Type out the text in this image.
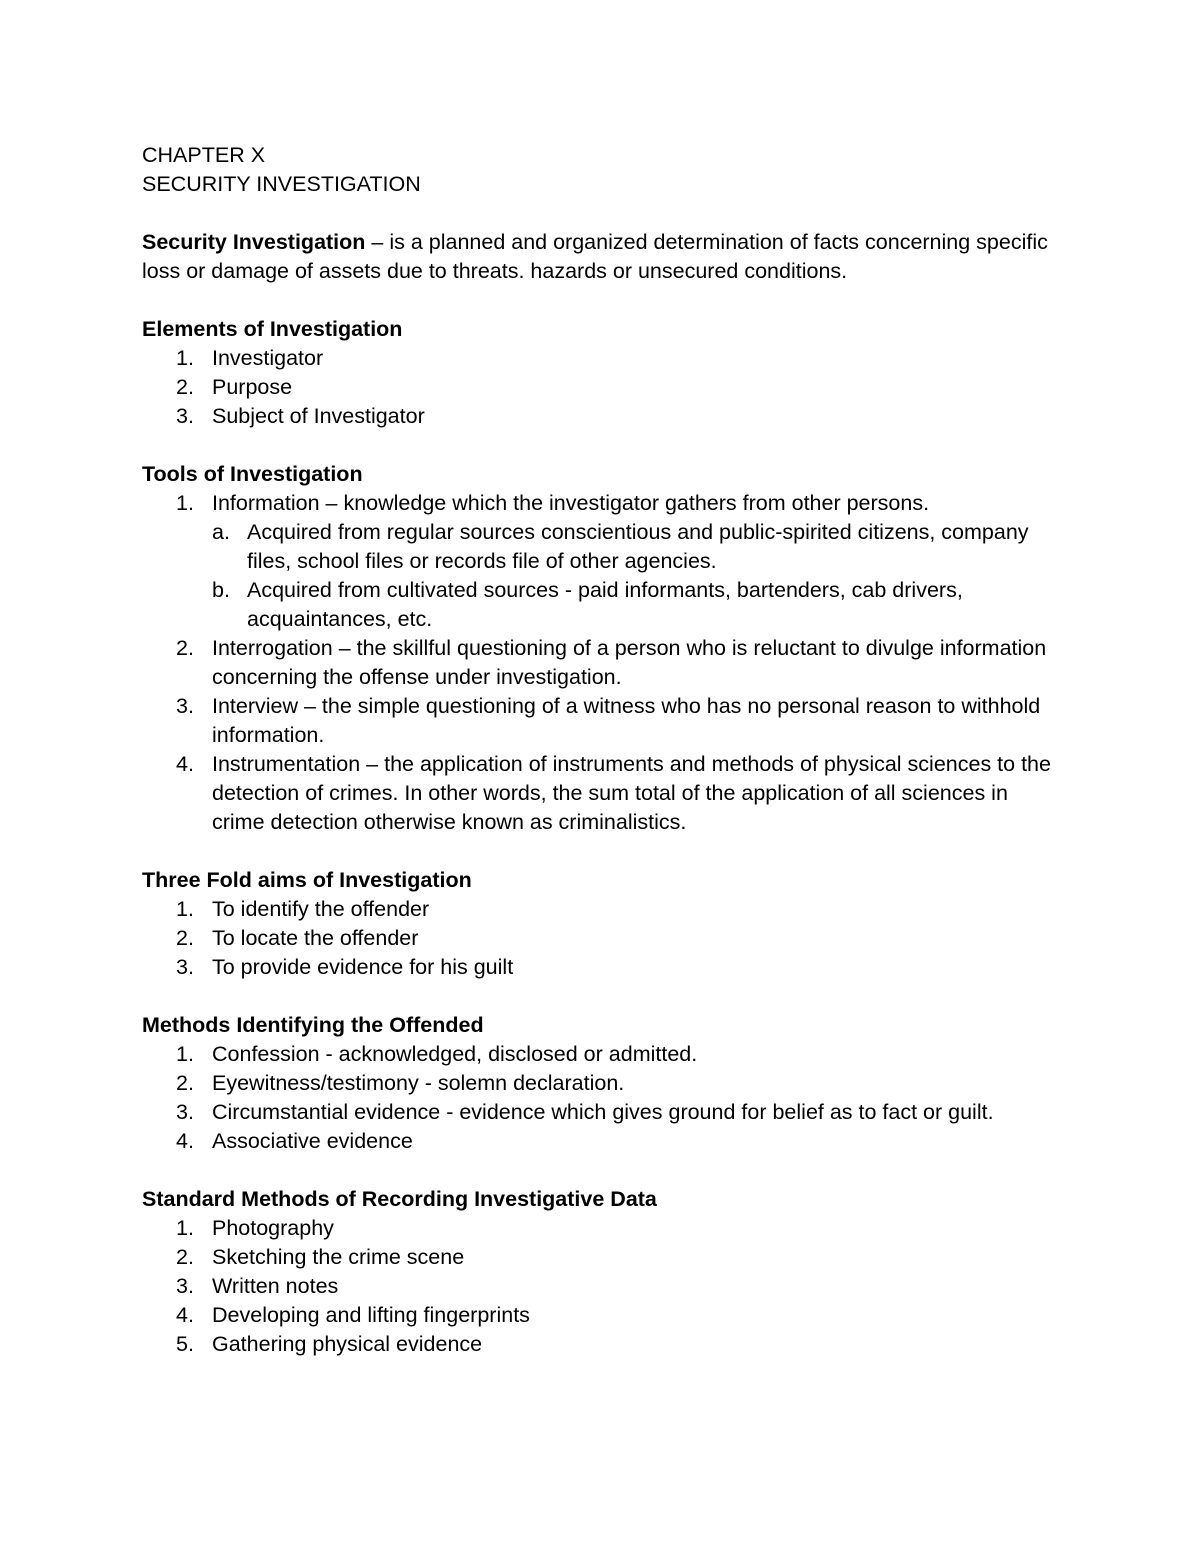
CHAPTER X

SECURITY INVESTIGATION

Security Investigation – is a planned and organized determination of facts concerning specific loss or damage of assets due to threats. hazards or unsecured conditions.

Elements of Investigation

1. Investigator

2. Purpose

3. Subject of Investigator

Tools of Investigation

1. Information – knowledge which the investigator gathers from other persons.

a. Acquired from regular sources conscientious and public-spirited citizens, company files, school files or records file of other agencies.

b. Acquired from cultivated sources - paid informants, bartenders, cab drivers, acquaintances, etc.

2. Interrogation – the skillful questioning of a person who is reluctant to divulge information concerning the offense under investigation.

3. Interview – the simple questioning of a witness who has no personal reason to withhold information.

4. Instrumentation – the application of instruments and methods of physical sciences to the detection of crimes. In other words, the sum total of the application of all sciences in crime detection otherwise known as criminalistics.

Three Fold aims of Investigation

1. To identify the offender

2. To locate the offender

3. To provide evidence for his guilt

Methods Identifying the Offended

1. Confession - acknowledged, disclosed or admitted.

2. Eyewitness/testimony - solemn declaration.

3. Circumstantial evidence - evidence which gives ground for belief as to fact or guilt.

4. Associative evidence

Standard Methods of Recording Investigative Data

1. Photography

2. Sketching the crime scene

3. Written notes

4. Developing and lifting fingerprints

5. Gathering physical evidence
